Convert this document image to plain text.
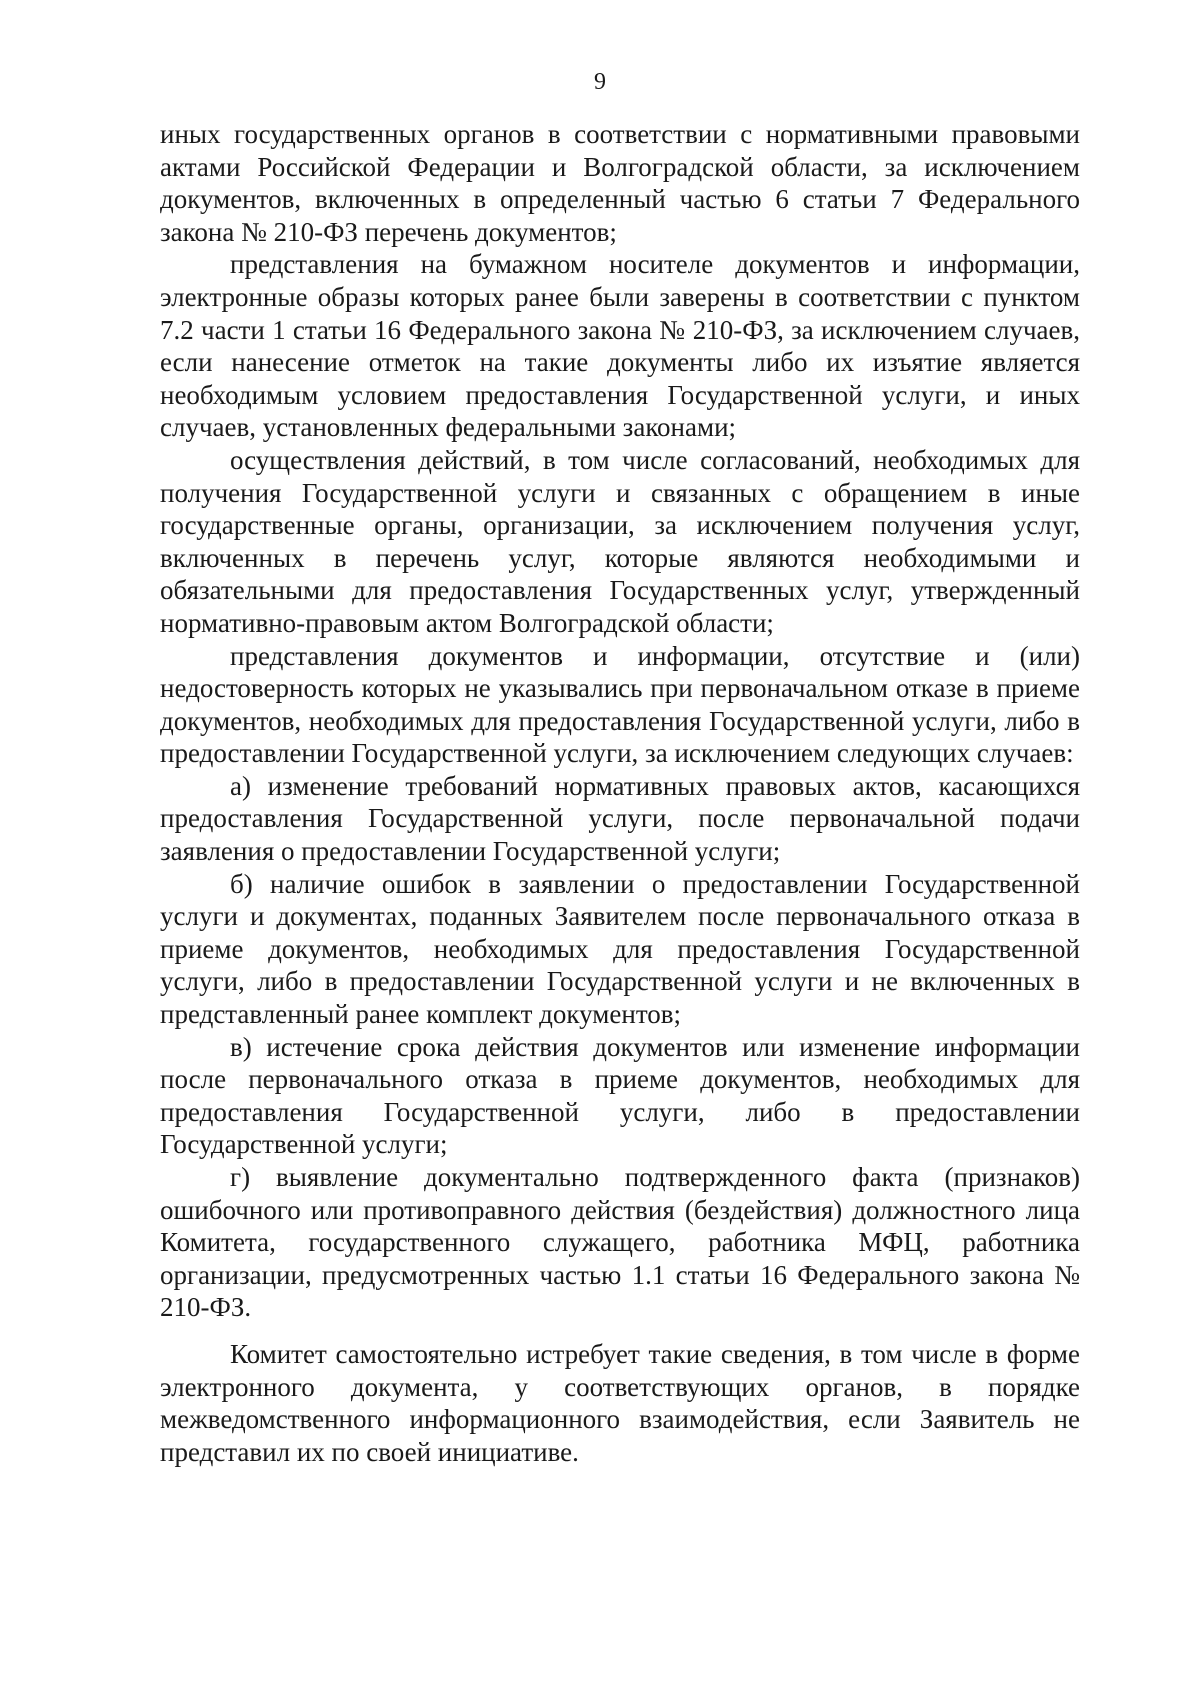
9

иных государственных органов в соответствии с нормативными правовыми актами Российской Федерации и Волгоградской области, за исключением документов, включенных в определенный частью 6 статьи 7 Федерального закона № 210-ФЗ перечень документов;

представления на бумажном носителе документов и информации, электронные образы которых ранее были заверены в соответствии с пунктом 7.2 части 1 статьи 16 Федерального закона № 210-ФЗ, за исключением случаев, если нанесение отметок на такие документы либо их изъятие является необходимым условием предоставления Государственной услуги, и иных случаев, установленных федеральными законами;

осуществления действий, в том числе согласований, необходимых для получения Государственной услуги и связанных с обращением в иные государственные органы, организации, за исключением получения услуг, включенных в перечень услуг, которые являются необходимыми и обязательными для предоставления Государственных услуг, утвержденный нормативно-правовым актом Волгоградской области;

представления документов и информации, отсутствие и (или) недостоверность которых не указывались при первоначальном отказе в приеме документов, необходимых для предоставления Государственной услуги, либо в предоставлении Государственной услуги, за исключением следующих случаев:

а) изменение требований нормативных правовых актов, касающихся предоставления Государственной услуги, после первоначальной подачи заявления о предоставлении Государственной услуги;

б) наличие ошибок в заявлении о предоставлении Государственной услуги и документах, поданных Заявителем после первоначального отказа в приеме документов, необходимых для предоставления Государственной услуги, либо в предоставлении Государственной услуги и не включенных в представленный ранее комплект документов;

в) истечение срока действия документов или изменение информации после первоначального отказа в приеме документов, необходимых для предоставления Государственной услуги, либо в предоставлении Государственной услуги;

г) выявление документально подтвержденного факта (признаков) ошибочного или противоправного действия (бездействия) должностного лица Комитета, государственного служащего, работника МФЦ, работника организации, предусмотренных частью 1.1 статьи 16 Федерального закона № 210-ФЗ.

Комитет самостоятельно истребует такие сведения, в том числе в форме электронного документа, у соответствующих органов, в порядке межведомственного информационного взаимодействия, если Заявитель не представил их по своей инициативе.
